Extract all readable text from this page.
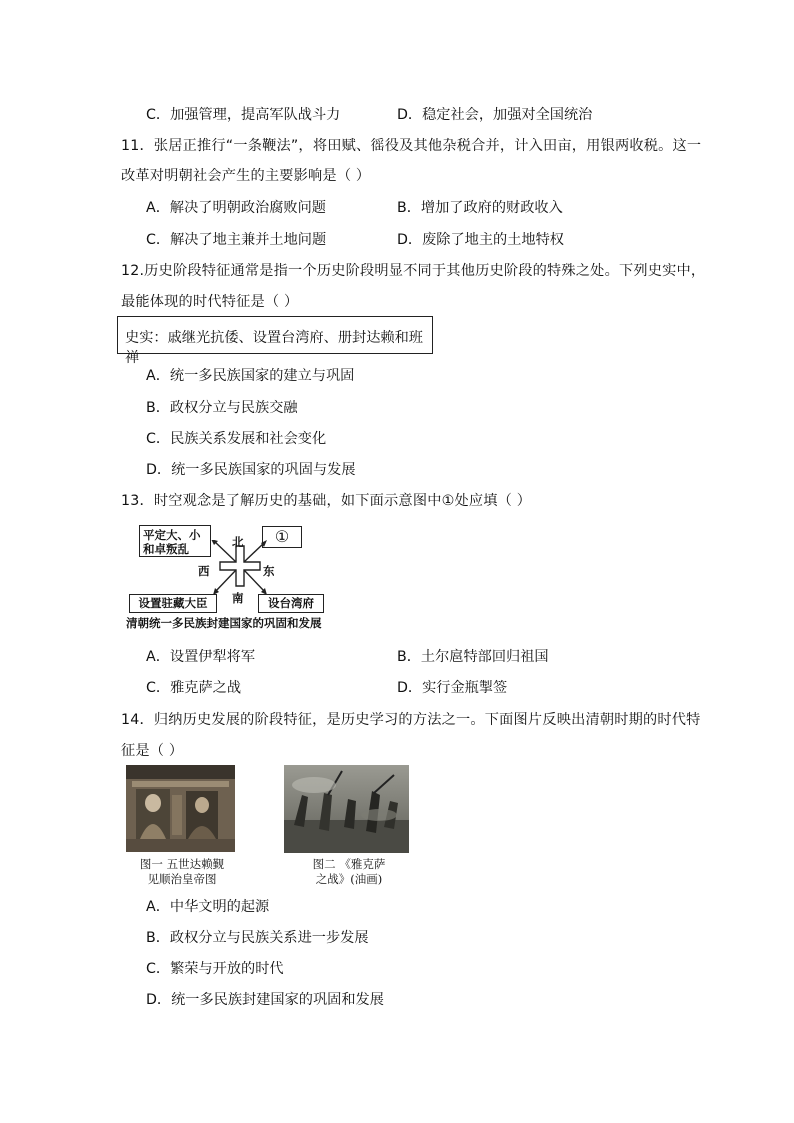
C．加强管理，提高军队战斗力	D．稳定社会，加强对全国统治
11．张居正推行“一条鞭法”，将田赋、徭役及其他杂税合并，计入田亩，用银两收税。这一
改革对明朝社会产生的主要影响是（ ）
A．解决了明朝政治腐败问题	B．增加了政府的财政收入
C．解决了地主兼并土地问题	D．废除了地主的土地特权
12.历史阶段特征通常是指一个历史阶段明显不同于其他历史阶段的特殊之处。下列史实中，
最能体现的时代特征是（ ）
史实：戚继光抗倭、设置台湾府、册封达赖和班禅
A．统一多民族国家的建立与巩固
B．政权分立与民族交融
C．民族关系发展和社会变化
D．统一多民族国家的巩固与发展
13．时空观念是了解历史的基础，如下面示意图中①处应填（ ）
平定大、小
和卓叛乱
①
设置驻藏大臣	设台湾府
北
南
西	东
清朝统一多民族封建国家的巩固和发展
A．设置伊犁将军	B．土尔扈特部回归祖国
C．雅克萨之战	D．实行金瓶掣签
14．归纳历史发展的阶段特征，是历史学习的方法之一。下面图片反映出清朝时期的时代特
征是（ ）
图一 五世达赖觐
见顺治皇帝图
图二 《雅克萨
之战》(油画)
A．中华文明的起源
B．政权分立与民族关系进一步发展
C．繁荣与开放的时代
D．统一多民族封建国家的巩固和发展
